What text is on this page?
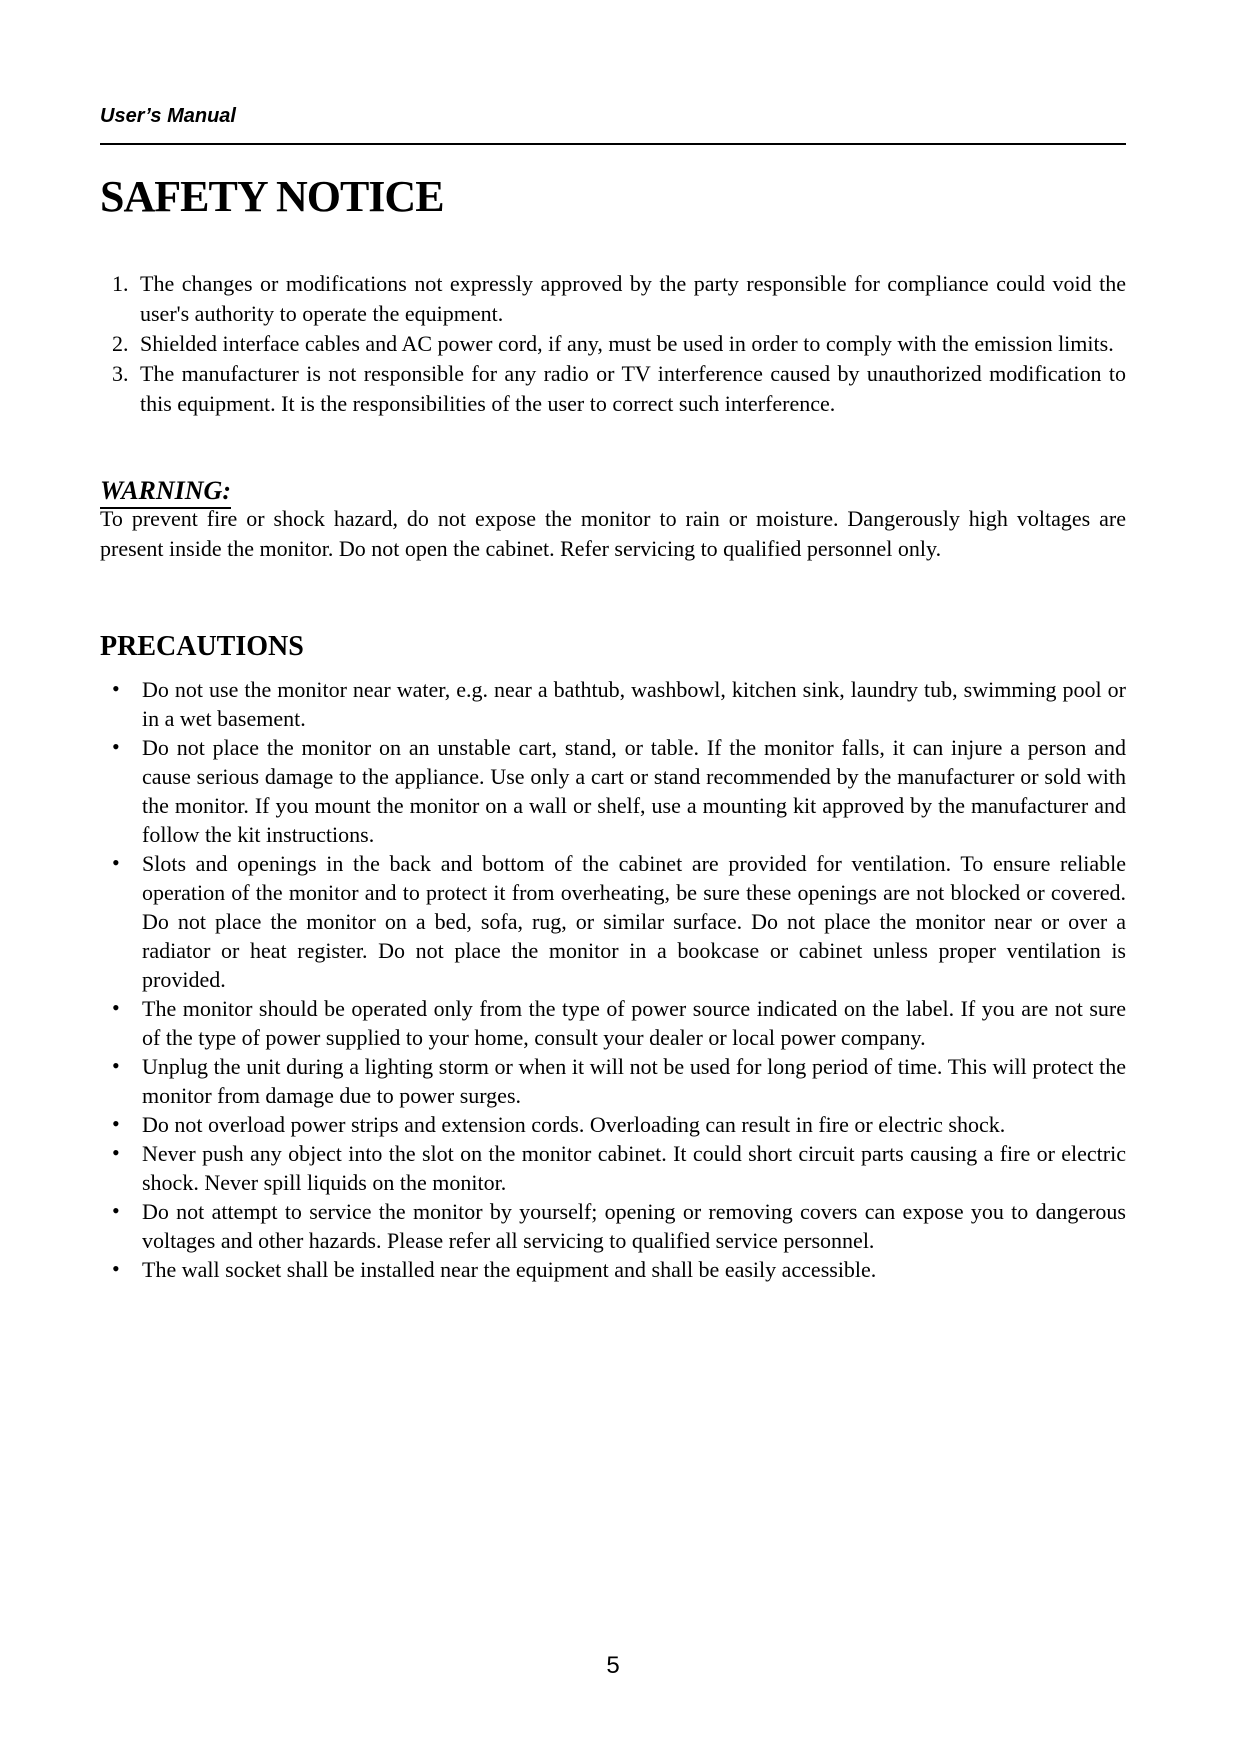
User’s Manual
SAFETY NOTICE
1. The changes or modifications not expressly approved by the party responsible for compliance could void the user's authority to operate the equipment.
2. Shielded interface cables and AC power cord, if any, must be used in order to comply with the emission limits.
3. The manufacturer is not responsible for any radio or TV interference caused by unauthorized modification to this equipment. It is the responsibilities of the user to correct such interference.
WARNING:

To prevent fire or shock hazard, do not expose the monitor to rain or moisture. Dangerously high voltages are present inside the monitor. Do not open the cabinet. Refer servicing to qualified personnel only.

PRECAUTIONS
• Do not use the monitor near water, e.g. near a bathtub, washbowl, kitchen sink, laundry tub, swimming pool or in a wet basement.
• Do not place the monitor on an unstable cart, stand, or table. If the monitor falls, it can injure a person and cause serious damage to the appliance. Use only a cart or stand recommended by the manufacturer or sold with the monitor. If you mount the monitor on a wall or shelf, use a mounting kit approved by the manufacturer and follow the kit instructions.
• Slots and openings in the back and bottom of the cabinet are provided for ventilation. To ensure reliable operation of the monitor and to protect it from overheating, be sure these openings are not blocked or covered. Do not place the monitor on a bed, sofa, rug, or similar surface. Do not place the monitor near or over a radiator or heat register. Do not place the monitor in a bookcase or cabinet unless proper ventilation is provided.
• The monitor should be operated only from the type of power source indicated on the label. If you are not sure of the type of power supplied to your home, consult your dealer or local power company.
• Unplug the unit during a lighting storm or when it will not be used for long period of time. This will protect the monitor from damage due to power surges.
• Do not overload power strips and extension cords. Overloading can result in fire or electric shock.
• Never push any object into the slot on the monitor cabinet. It could short circuit parts causing a fire or electric shock. Never spill liquids on the monitor.
• Do not attempt to service the monitor by yourself; opening or removing covers can expose you to dangerous voltages and other hazards. Please refer all servicing to qualified service personnel.
• The wall socket shall be installed near the equipment and shall be easily accessible.
5
